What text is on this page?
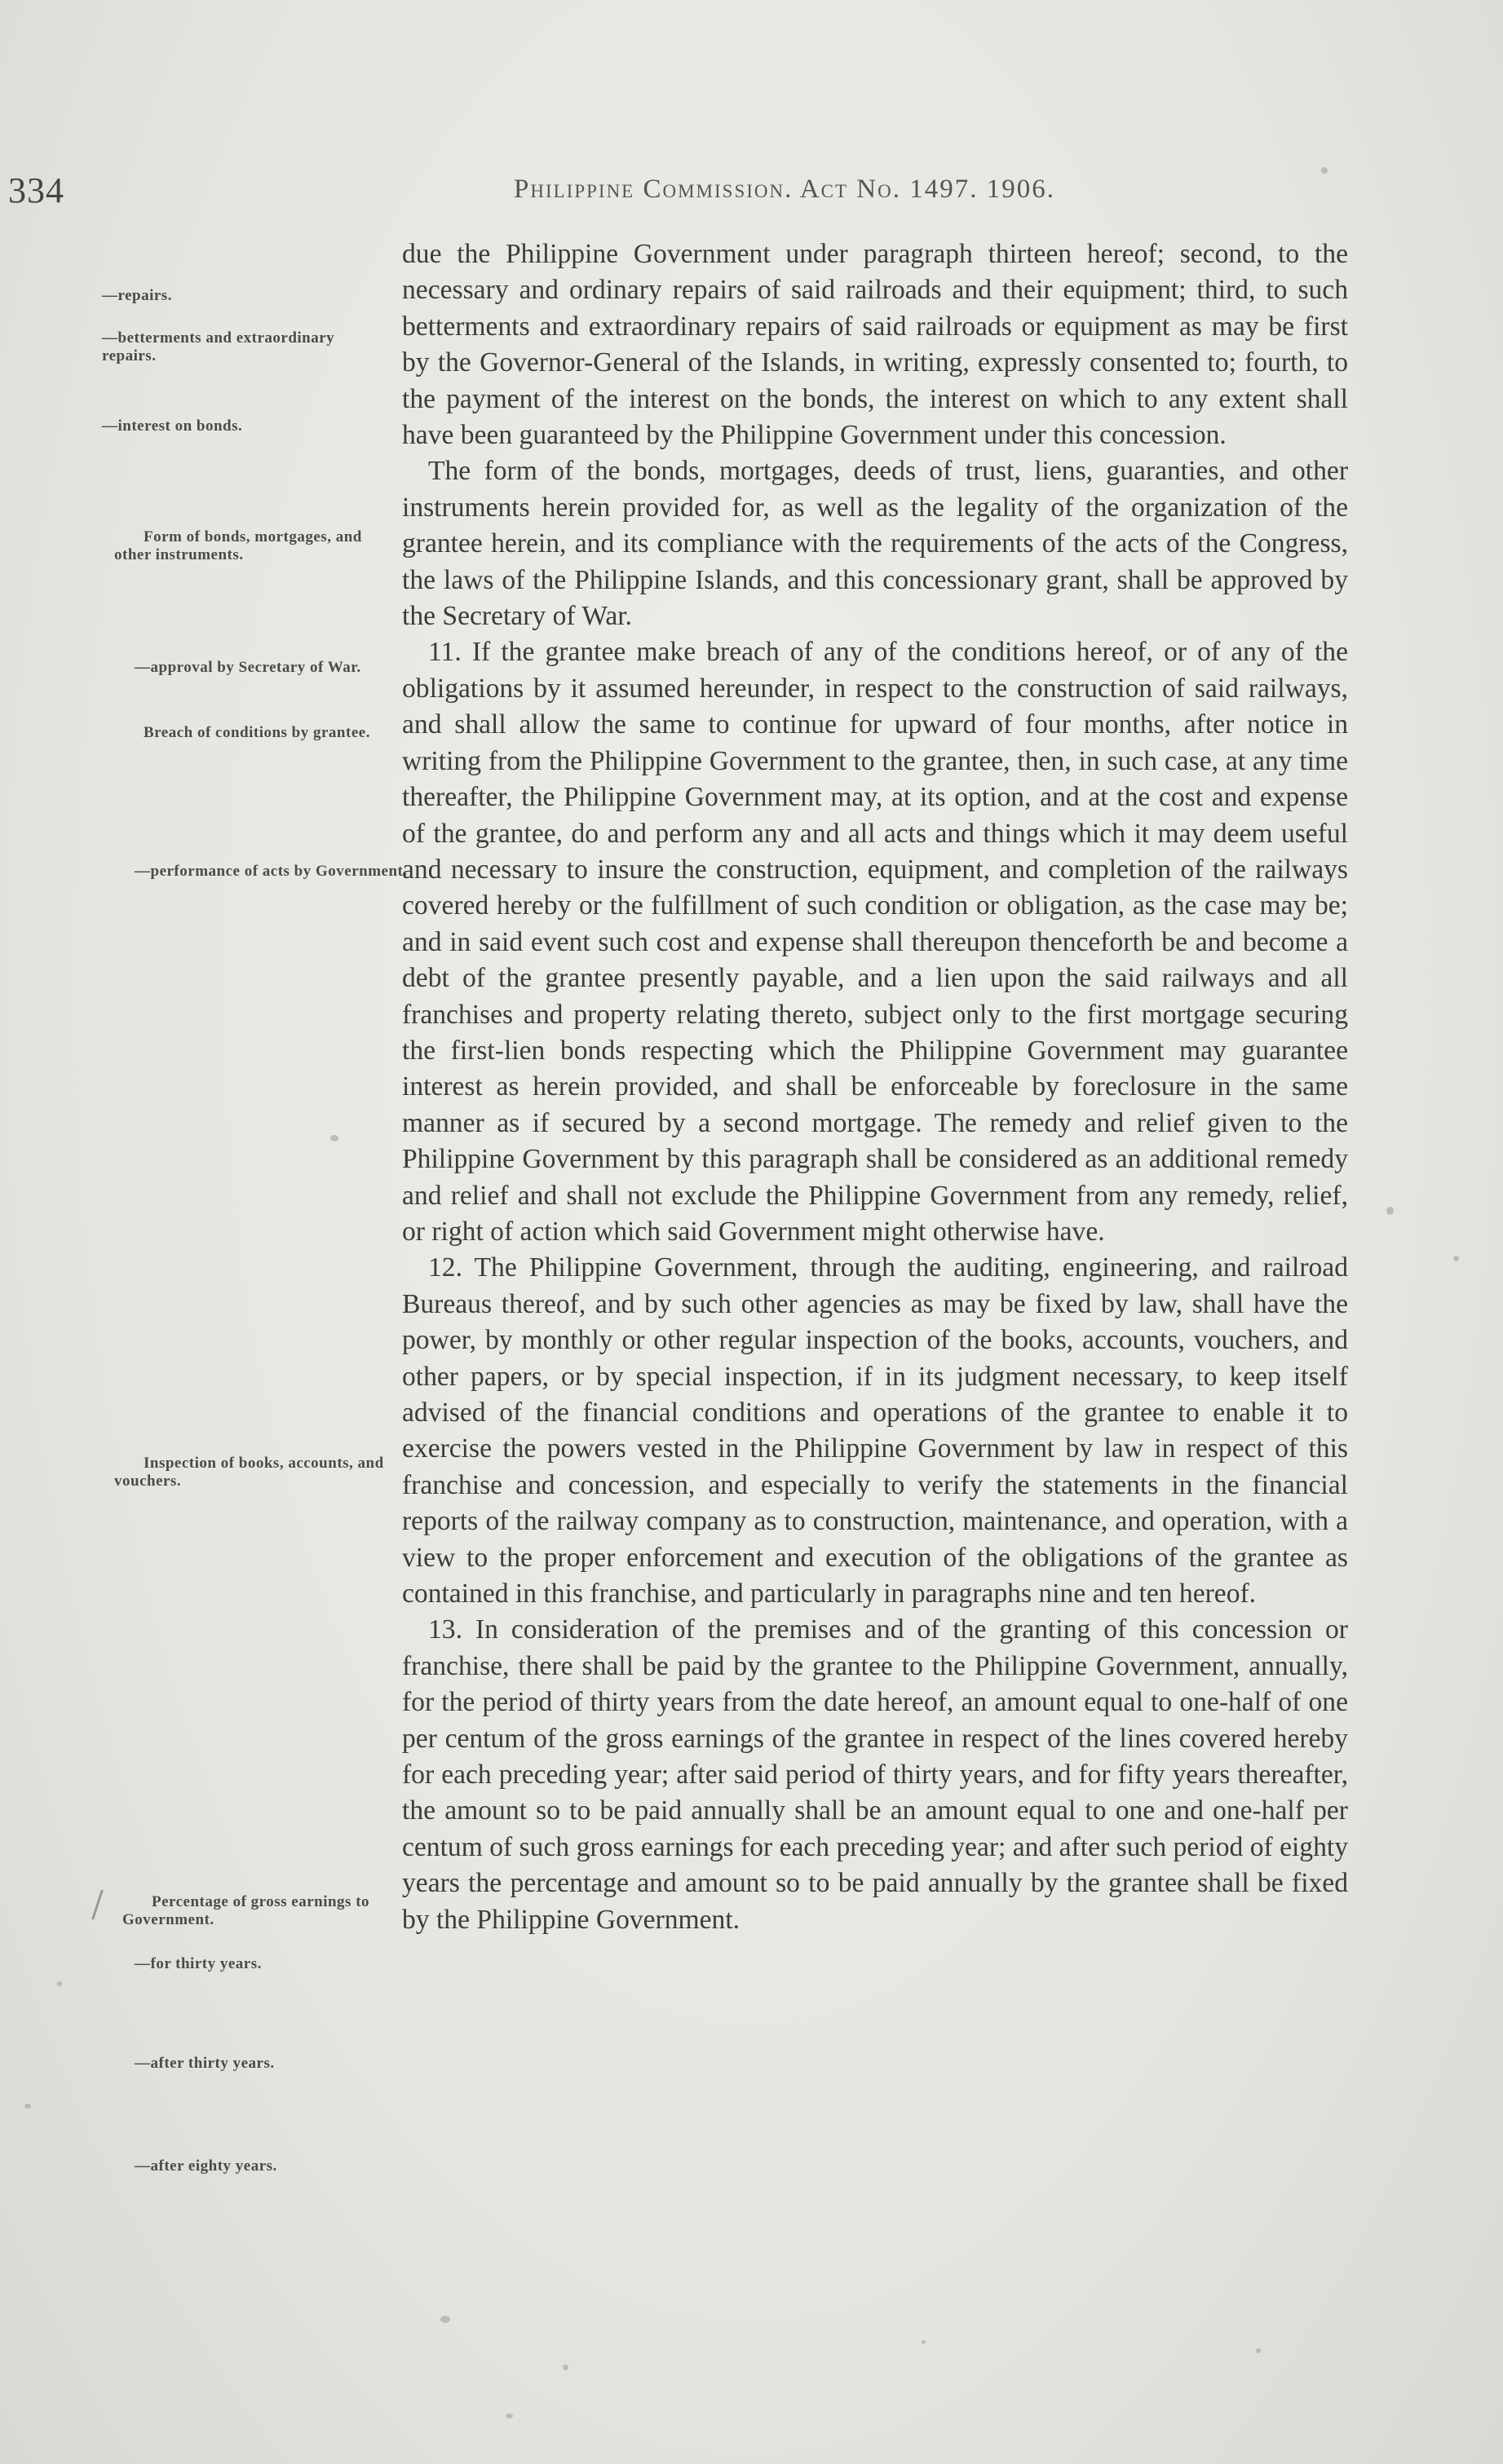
334	Philippine Commission. Act No. 1497. 1906.
—repairs.
—betterments and extraordinary repairs.
—interest on bonds.
Form of bonds, mortgages, and other instruments.
—approval by Secretary of War.
Breach of conditions by grantee.
—performance of acts by Government.
Inspection of books, accounts, and vouchers.
Percentage of gross earnings to Government.
—for thirty years.
—after thirty years.
—after eighty years.

due the Philippine Government under paragraph thirteen hereof; second, to the necessary and ordinary repairs of said railroads and their equipment; third, to such betterments and extraordinary repairs of said railroads or equipment as may be first by the Governor-General of the Islands, in writing, expressly consented to; fourth, to the payment of the interest on the bonds, the interest on which to any extent shall have been guaranteed by the Philippine Government under this concession.

The form of the bonds, mortgages, deeds of trust, liens, guaranties, and other instruments herein provided for, as well as the legality of the organization of the grantee herein, and its compliance with the requirements of the acts of the Congress, the laws of the Philippine Islands, and this concessionary grant, shall be approved by the Secretary of War.

11. If the grantee make breach of any of the conditions hereof, or of any of the obligations by it assumed hereunder, in respect to the construction of said railways, and shall allow the same to continue for upward of four months, after notice in writing from the Philippine Government to the grantee, then, in such case, at any time thereafter, the Philippine Government may, at its option, and at the cost and expense of the grantee, do and perform any and all acts and things which it may deem useful and necessary to insure the construction, equipment, and completion of the railways covered hereby or the fulfillment of such condition or obligation, as the case may be; and in said event such cost and expense shall thereupon thenceforth be and become a debt of the grantee presently payable, and a lien upon the said railways and all franchises and property relating thereto, subject only to the first mortgage securing the first-lien bonds respecting which the Philippine Government may guarantee interest as herein provided, and shall be enforceable by foreclosure in the same manner as if secured by a second mortgage. The remedy and relief given to the Philippine Government by this paragraph shall be considered as an additional remedy and relief and shall not exclude the Philippine Government from any remedy, relief, or right of action which said Government might otherwise have.

12. The Philippine Government, through the auditing, engineering, and railroad Bureaus thereof, and by such other agencies as may be fixed by law, shall have the power, by monthly or other regular inspection of the books, accounts, vouchers, and other papers, or by special inspection, if in its judgment necessary, to keep itself advised of the financial conditions and operations of the grantee to enable it to exercise the powers vested in the Philippine Government by law in respect of this franchise and concession, and especially to verify the statements in the financial reports of the railway company as to construction, maintenance, and operation, with a view to the proper enforcement and execution of the obligations of the grantee as contained in this franchise, and particularly in paragraphs nine and ten hereof.

13. In consideration of the premises and of the granting of this concession or franchise, there shall be paid by the grantee to the Philippine Government, annually, for the period of thirty years from the date hereof, an amount equal to one-half of one per centum of the gross earnings of the grantee in respect of the lines covered hereby for each preceding year; after said period of thirty years, and for fifty years thereafter, the amount so to be paid annually shall be an amount equal to one and one-half per centum of such gross earnings for each preceding year; and after such period of eighty years the percentage and amount so to be paid annually by the grantee shall be fixed by the Philippine Government.
